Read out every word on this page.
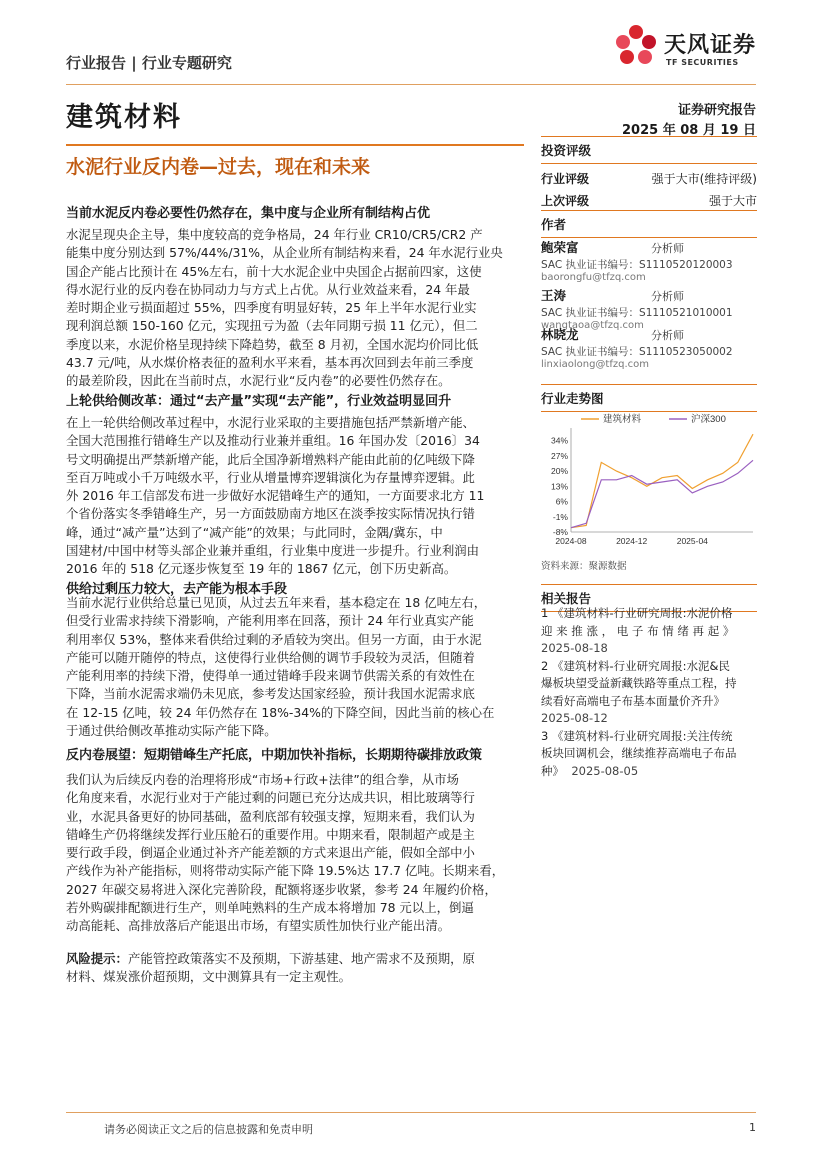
行业报告 | 行业专题研究
天风证券
TF SECURITIES
建筑材料	证券研究报告
2025 年 08 月 19 日
水泥行业反内卷—过去，现在和未来
当前水泥反内卷必要性仍然存在，集中度与企业所有制结构占优
水泥呈现央企主导，集中度较高的竞争格局，24 年行业 CR10/CR5/CR2 产
能集中度分别达到 57%/44%/31%，从企业所有制结构来看，24 年水泥行业央
国企产能占比预计在 45%左右，前十大水泥企业中央国企占据前四家，这使
得水泥行业的反内卷在协同动力与方式上占优。从行业效益来看，24 年最
差时期企业亏损面超过 55%，四季度有明显好转，25 年上半年水泥行业实
现利润总额 150-160 亿元，实现扭亏为盈（去年同期亏损 11 亿元），但二
季度以来，水泥价格呈现持续下降趋势，截至 8 月初，全国水泥均价同比低
43.7 元/吨，从水煤价格表征的盈利水平来看，基本再次回到去年前三季度
的最差阶段，因此在当前时点，水泥行业“反内卷”的必要性仍然存在。
上轮供给侧改革：通过“去产量”实现“去产能”，行业效益明显回升
在上一轮供给侧改革过程中，水泥行业采取的主要措施包括严禁新增产能、
全国大范围推行错峰生产以及推动行业兼并重组。16 年国办发〔2016〕34
号文明确提出严禁新增产能，此后全国净新增熟料产能由此前的亿吨级下降
至百万吨或小千万吨级水平，行业从增量博弈逻辑演化为存量博弈逻辑。此
外 2016 年工信部发布进一步做好水泥错峰生产的通知，一方面要求北方 11
个省份落实冬季错峰生产，另一方面鼓励南方地区在淡季按实际情况执行错
峰，通过“减产量”达到了“减产能”的效果；与此同时，金隅/冀东，中
国建材/中国中材等头部企业兼并重组，行业集中度进一步提升。行业利润由
2016 年的 518 亿元逐步恢复至 19 年的 1867 亿元，创下历史新高。
供给过剩压力较大，去产能为根本手段
当前水泥行业供给总量已见顶，从过去五年来看，基本稳定在 18 亿吨左右，
但受行业需求持续下滑影响，产能利用率在回落，预计 24 年行业真实产能
利用率仅 53%，整体来看供给过剩的矛盾较为突出。但另一方面，由于水泥
产能可以随开随停的特点，这使得行业供给侧的调节手段较为灵活，但随着
产能利用率的持续下滑，使得单一通过错峰手段来调节供需关系的有效性在
下降，当前水泥需求端仍未见底，参考发达国家经验，预计我国水泥需求底
在 12-15 亿吨，较 24 年仍然存在 18%-34%的下降空间，因此当前的核心在
于通过供给侧改革推动实际产能下降。
反内卷展望：短期错峰生产托底，中期加快补指标，长期期待碳排放政策
我们认为后续反内卷的治理将形成“市场+行政+法律”的组合拳，从市场
化角度来看，水泥行业对于产能过剩的问题已充分达成共识，相比玻璃等行
业，水泥具备更好的协同基础，盈利底部有较强支撑，短期来看，我们认为
错峰生产仍将继续发挥行业压舱石的重要作用。中期来看，限制超产或是主
要行政手段，倒逼企业通过补齐产能差额的方式来退出产能，假如全部中小
产线作为补产能指标，则将带动实际产能下降 19.5%达 17.7 亿吨。长期来看，
2027 年碳交易将进入深化完善阶段，配额将逐步收紧，参考 24 年履约价格，
若外购碳排配额进行生产，则单吨熟料的生产成本将增加 78 元以上，倒逼
动高能耗、高排放落后产能退出市场，有望实质性加快行业产能出清。
风险提示：产能管控政策落实不及预期，下游基建、地产需求不及预期，原
材料、煤炭涨价超预期，文中测算具有一定主观性。
投资评级
行业评级	强于大市(维持评级)
上次评级	强于大市
作者
鲍荣富	分析师
SAC 执业证书编号：S1110520120003
baorongfu@tfzq.com
王涛	分析师
SAC 执业证书编号：S1110521010001
wangtaoa@tfzq.com
林晓龙	分析师
SAC 执业证书编号：S1110523050002
linxiaolong@tfzq.com
行业走势图
建筑材料	沪深300
-8%
-1%
6%
13%
20%
27%
34%
2024-08	2024-12	2025-04
资料来源：聚源数据
相关报告
1 《建筑材料-行业研究周报:水泥价格
迎 来 推 涨 ， 电 子 布 情 绪 再 起 》
2025-08-18
2 《建筑材料-行业研究周报:水泥&民
爆板块望受益新藏铁路等重点工程，持
续看好高端电子布基本面量价齐升》
2025-08-12
3 《建筑材料-行业研究周报:关注传统
板块回调机会，继续推荐高端电子布品
种》 2025-08-05
请务必阅读正文之后的信息披露和免责申明	1
